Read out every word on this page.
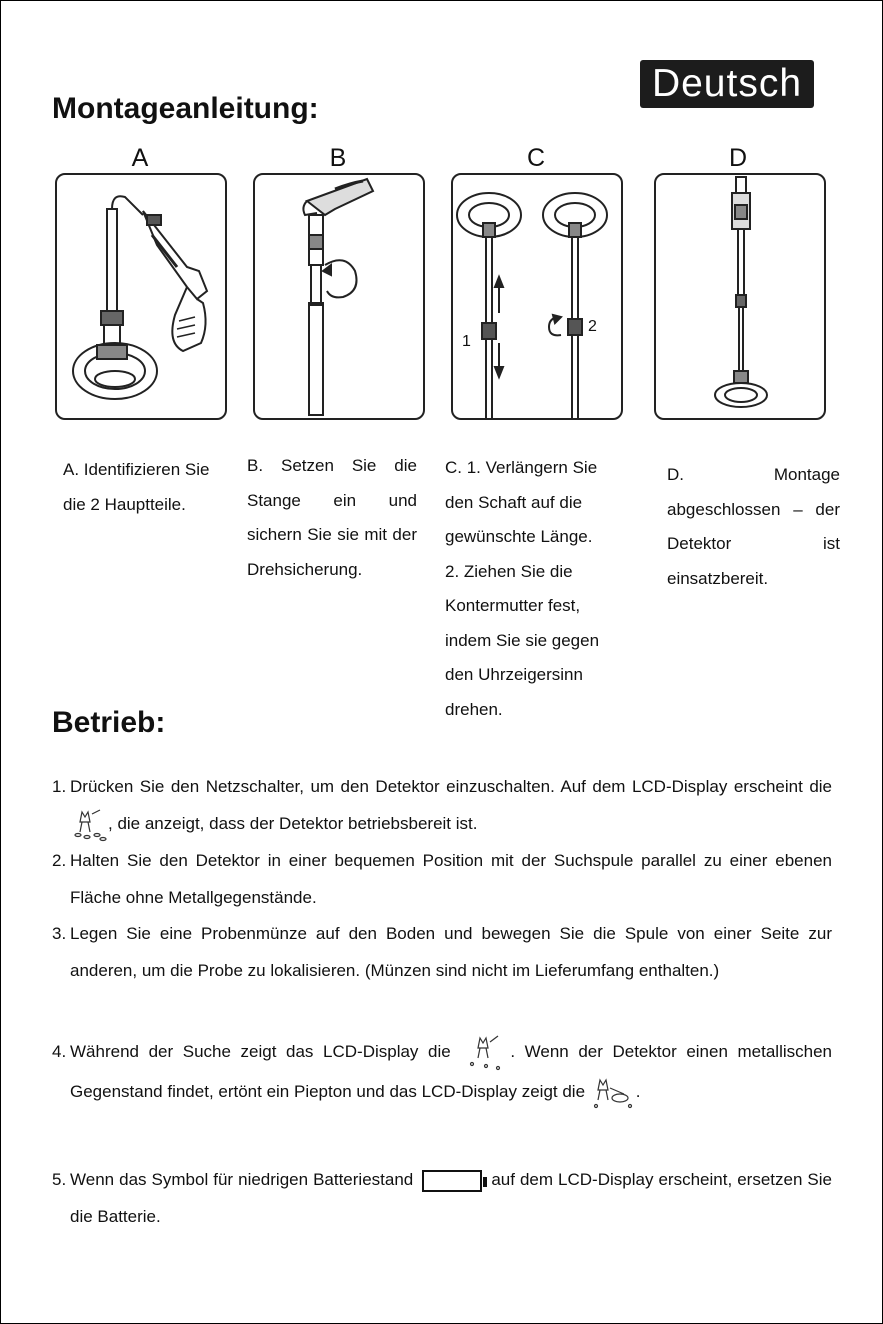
Deutsch
Montageanleitung:
A	B	C	D
1
2

A. Identifizieren Sie die 2 Hauptteile.

B. Setzen Sie die Stange ein und sichern Sie sie mit der Drehsicherung.

C. 1. Verlängern Sie
den Schaft auf die
gewünschte Länge.
2. Ziehen Sie die
Kontermutter fest,
indem Sie sie gegen
den Uhrzeigersinn
drehen.

D. Montage abgeschlossen – der Detektor ist einsatzbereit.

Betrieb:

1. Drücken Sie den Netzschalter, um den Detektor einzuschalten. Auf dem LCD-Display erscheint die, die anzeigt, dass der Detektor betriebsbereit ist.

2. Halten Sie den Detektor in einer bequemen Position mit der Suchspule parallel zu einer ebenen Fläche ohne Metallgegenstände.

3. Legen Sie eine Probenmünze auf den Boden und bewegen Sie die Spule von einer Seite zur anderen, um die Probe zu lokalisieren. (Münzen sind nicht im Lieferumfang enthalten.)

4. Während der Suche zeigt das LCD-Display die	. Wenn der Detektor einen metallischen Gegenstand findet, ertönt ein Piepton und das LCD-Display zeigt die	.

5. Wenn das Symbol für niedrigen Batteriestand	auf dem LCD-Display erscheint, ersetzen Sie die Batterie.
